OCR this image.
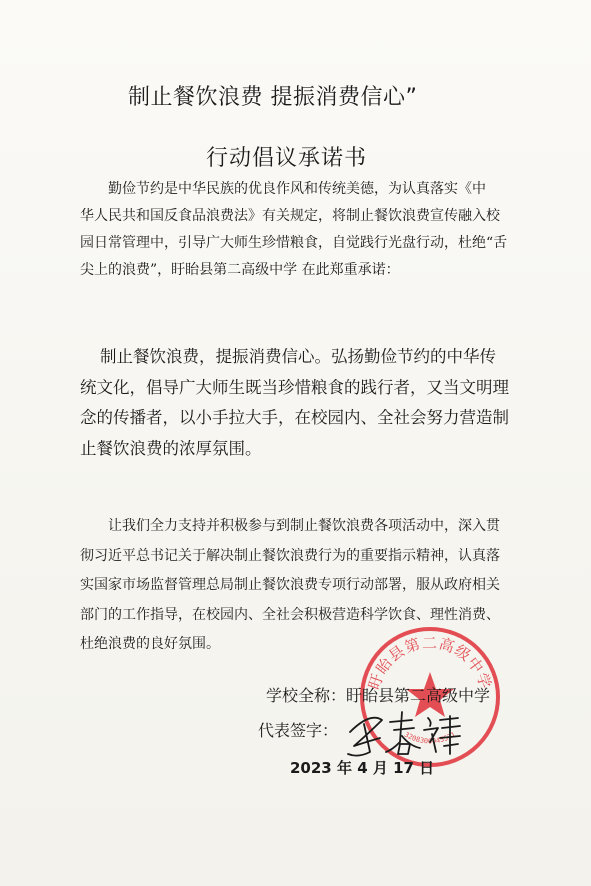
制止餐饮浪费 提振消费信心”
行动倡议承诺书
勤俭节约是中华民族的优良作风和传统美德，为认真落实《中
华人民共和国反食品浪费法》有关规定，将制止餐饮浪费宣传融入校
园日常管理中，引导广大师生珍惜粮食，自觉践行光盘行动，杜绝“舌
尖上的浪费”，盱眙县第二高级中学 在此郑重承诺：
制止餐饮浪费，提振消费信心。弘扬勤俭节约的中华传
统文化，倡导广大师生既当珍惜粮食的践行者，又当文明理
念的传播者，以小手拉大手，在校园内、全社会努力营造制
止餐饮浪费的浓厚氛围。
让我们全力支持并积极参与到制止餐饮浪费各项活动中，深入贯
彻习近平总书记关于解决制止餐饮浪费行为的重要指示精神，认真落
实国家市场监督管理总局制止餐饮浪费专项行动部署，服从政府相关
部门的工作指导，在校园内、全社会积极营造科学饮食、理性消费、
杜绝浪费的良好氛围。
盱眙县第二高级中学
3208300045531
学校全称：盱眙县第二高级中学
代表签字：
2023 年 4 月 17 日
